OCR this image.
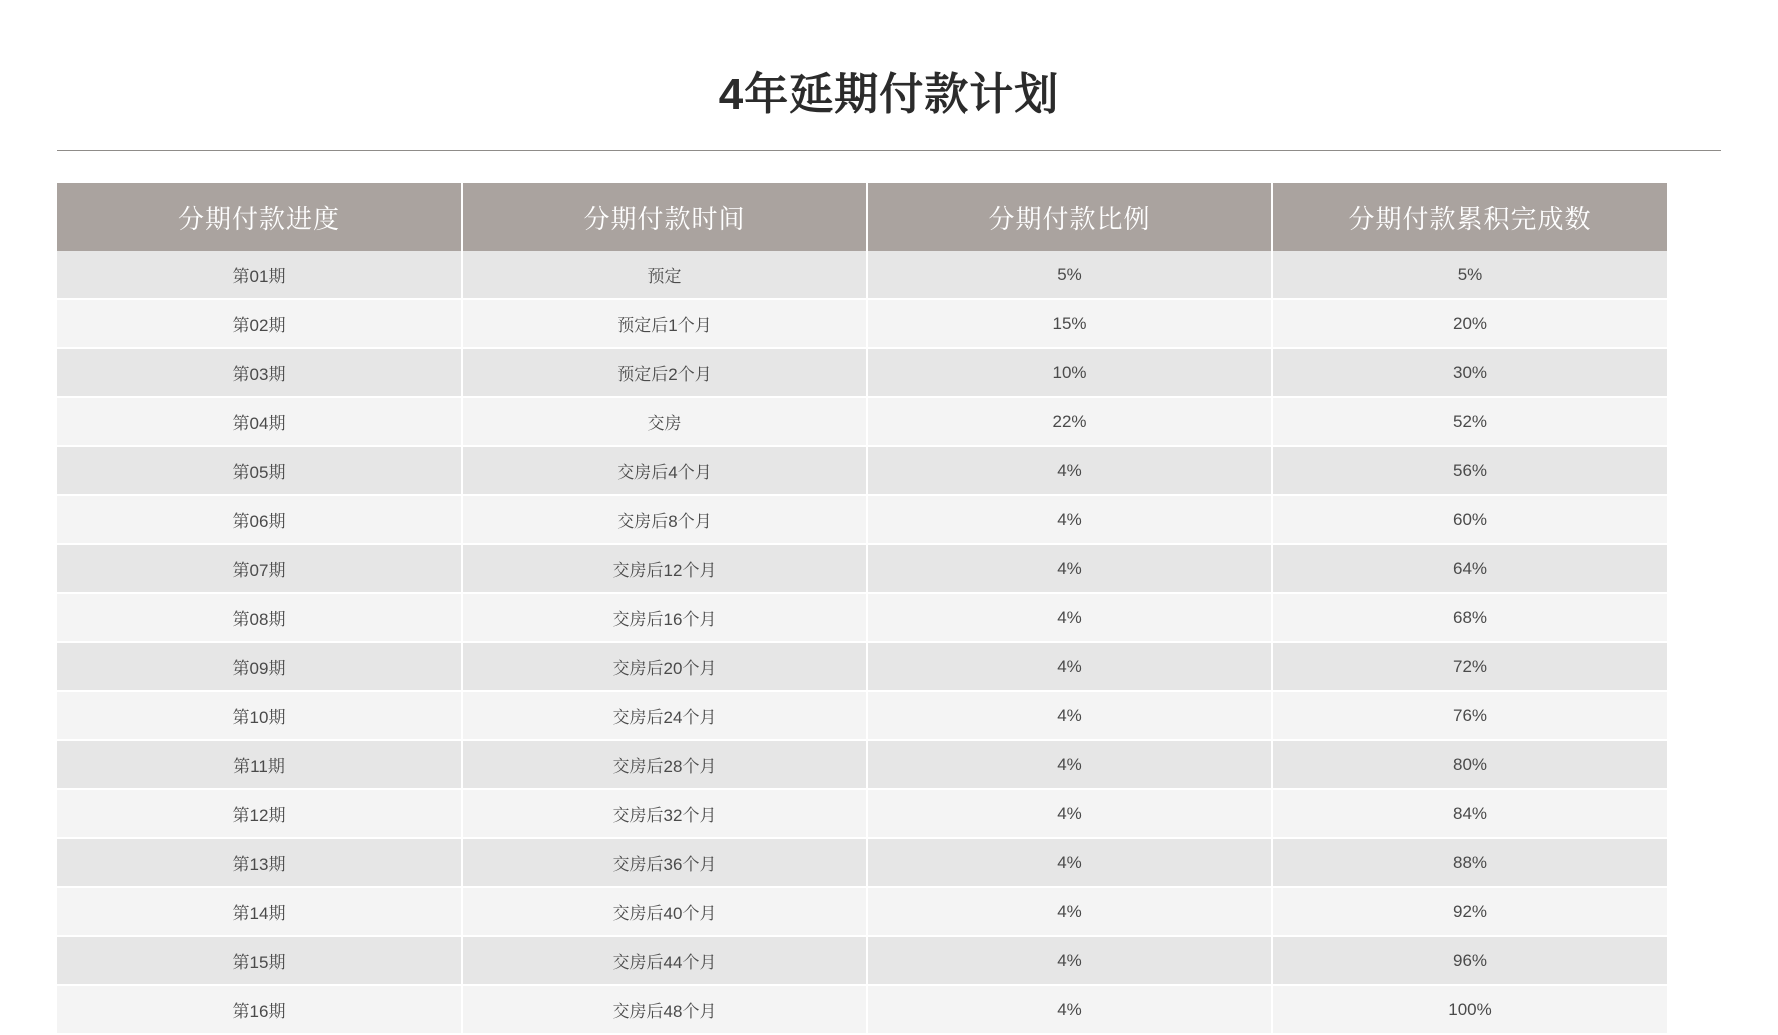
4年延期付款计划
分期付款进度	分期付款时间	分期付款比例	分期付款累积完成数
第01期	预定	5%	5%
第02期	预定后1个月	15%	20%
第03期	预定后2个月	10%	30%
第04期	交房	22%	52%
第05期	交房后4个月	4%	56%
第06期	交房后8个月	4%	60%
第07期	交房后12个月	4%	64%
第08期	交房后16个月	4%	68%
第09期	交房后20个月	4%	72%
第10期	交房后24个月	4%	76%
第11期	交房后28个月	4%	80%
第12期	交房后32个月	4%	84%
第13期	交房后36个月	4%	88%
第14期	交房后40个月	4%	92%
第15期	交房后44个月	4%	96%
第16期	交房后48个月	4%	100%
